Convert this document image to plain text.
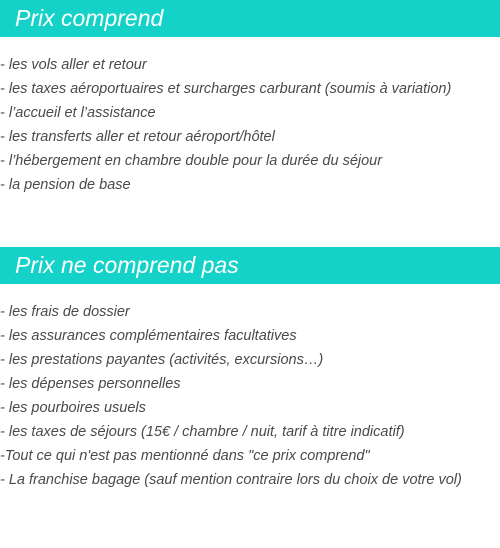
Prix comprend
- les vols aller et retour
- les taxes aéroportuaires et surcharges carburant (soumis à variation)
- l’accueil et l’assistance
- les transferts aller et retour aéroport/hôtel
- l’hébergement en chambre double pour la durée du séjour
- la pension de base
Prix ne comprend pas
- les frais de dossier
- les assurances complémentaires facultatives
- les prestations payantes (activités, excursions…)
- les dépenses personnelles
- les pourboires usuels
- les taxes de séjours (15€ / chambre / nuit, tarif à titre indicatif)
-Tout ce qui n'est pas mentionné dans "ce prix comprend"
- La franchise bagage (sauf mention contraire lors du choix de votre vol)
